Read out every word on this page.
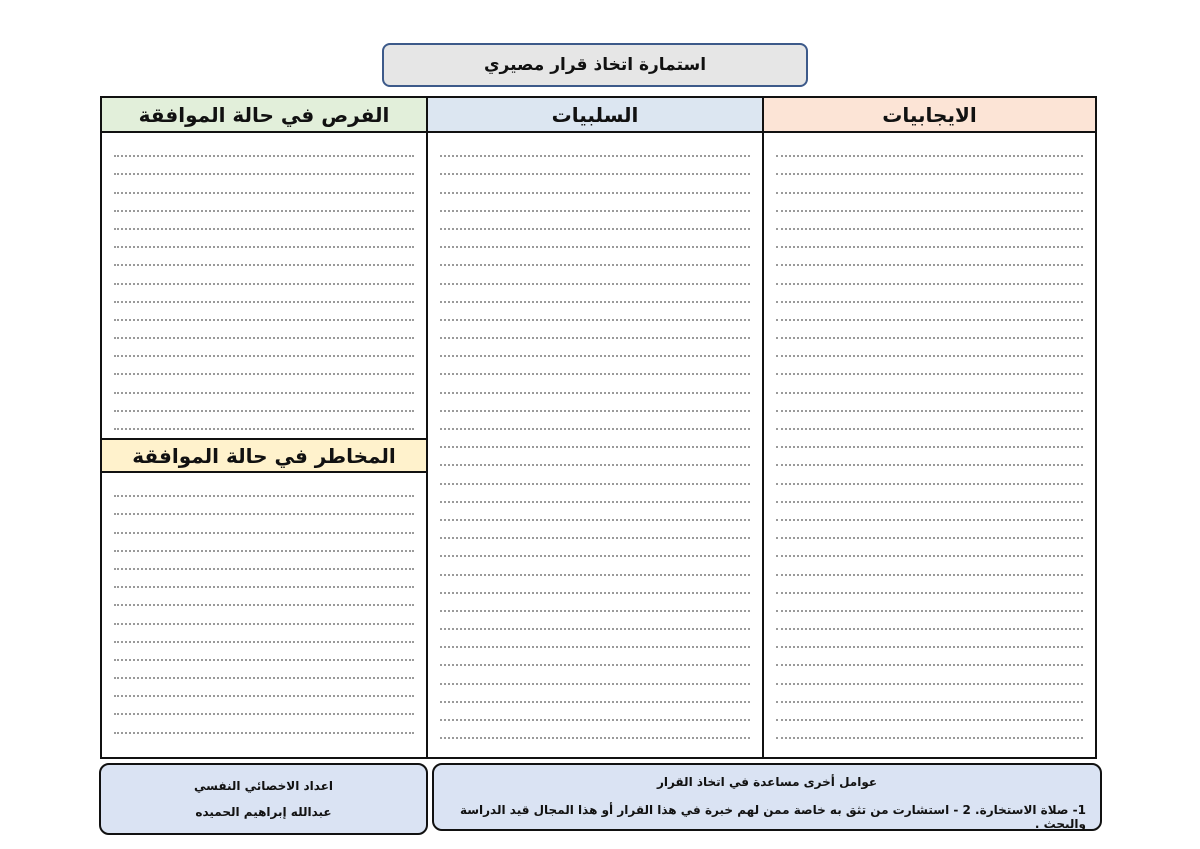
استمارة اتخاذ قرار مصيري
الفرص في حالة الموافقة
المخاطر في حالة الموافقة
السلبيات	الايجابيات
اعداد الاخصائي النفسي
عبدالله إبراهيم الحميده
عوامل أخرى مساعدة في اتخاذ القرار
1- صلاة الاستخارة. 2 - استشارت من تثق به خاصة ممن لهم خبرة في هذا القرار أو هذا المجال قيد الدراسة والبحث .
